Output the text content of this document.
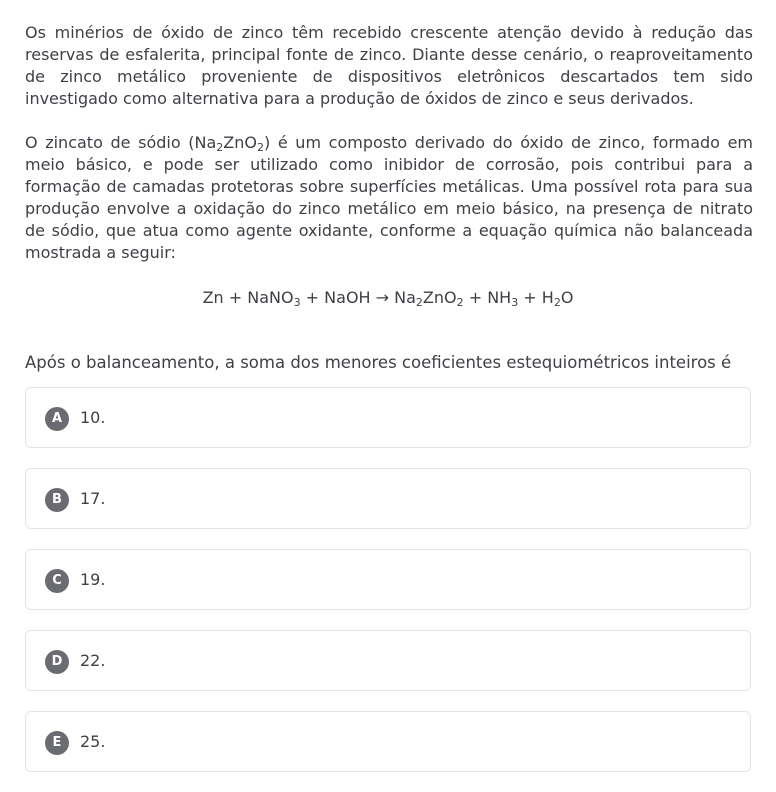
Os minérios de óxido de zinco têm recebido crescente atenção devido à redução das reservas de esfalerita, principal fonte de zinco. Diante desse cenário, o reaproveitamento de zinco metálico proveniente de dispositivos eletrônicos descartados tem sido investigado como alternativa para a produção de óxidos de zinco e seus derivados.

O zincato de sódio $(Na_2ZnO_2)$ é um composto derivado do óxido de zinco, formado em meio básico, e pode ser utilizado como inibidor de corrosão, pois contribui para a formação de camadas protetoras sobre superfícies metálicas. Uma possível rota para sua produção envolve a oxidação do zinco metálico em meio básico, na presença de nitrato de sódio, que atua como agente oxidante, conforme a equação química não balanceada mostrada a seguir:

Zn + NaNO$_3$ + NaOH → $Na_2ZnO_2 + NH_3 + H_2O$
Após o balanceamento, a soma dos menores coeficientes estequiométricos inteiros é
A	10.
B	17.
C	19.
D	22.
E	25.
